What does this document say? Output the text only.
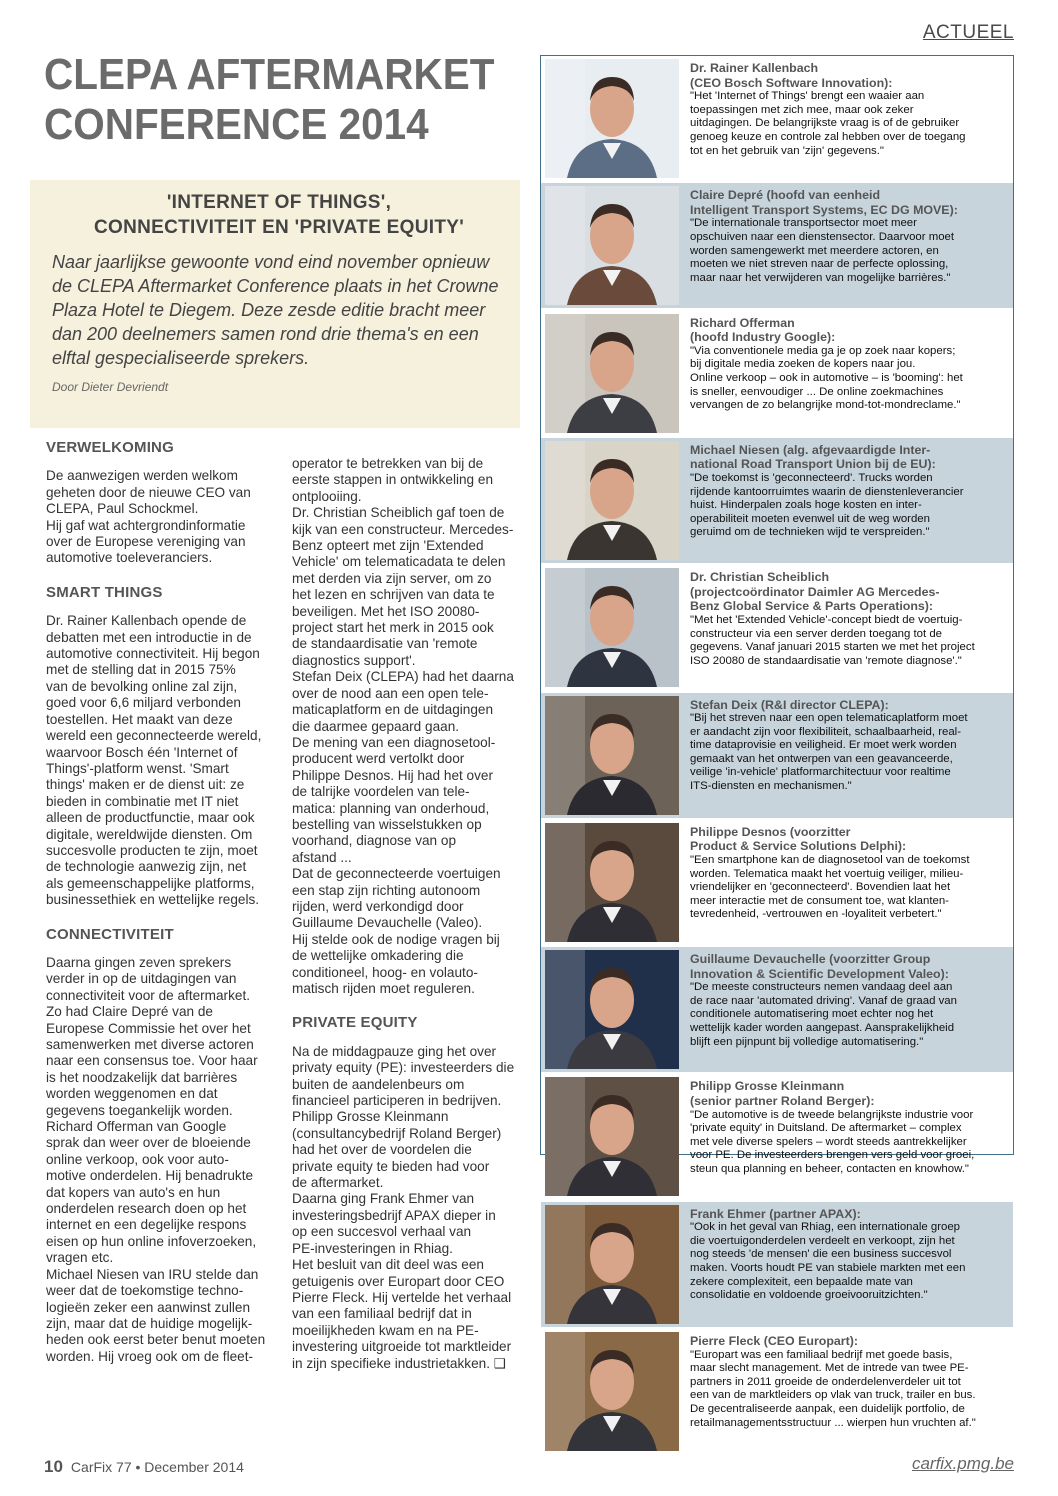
ACTUEEL
CLEPA AFTERMARKET
CONFERENCE 2014
'INTERNET OF THINGS',
CONNECTIVITEIT EN 'PRIVATE EQUITY'
Naar jaarlijkse gewoonte vond eind november opnieuw de CLEPA Aftermarket Conference plaats in het Crowne Plaza Hotel te Diegem. Deze zesde editie bracht meer dan 200 deelnemers samen rond drie thema's en een elftal gespecialiseerde sprekers.
Door Dieter Devriendt
VERWELKOMING

De aanwezigen werden welkom
geheten door de nieuwe CEO van
CLEPA, Paul Schockmel.
Hij gaf wat achtergrondinformatie
over de Europese vereniging van
automotive toeleveranciers.

SMART THINGS

Dr. Rainer Kallenbach opende de
debatten met een introductie in de
automotive connectiviteit. Hij begon
met de stelling dat in 2015 75%
van de bevolking online zal zijn,
goed voor 6,6 miljard verbonden
toestellen. Het maakt van deze
wereld een geconnecteerde wereld,
waarvoor Bosch één 'Internet of
Things'-platform wenst. 'Smart
things' maken er de dienst uit: ze
bieden in combinatie met IT niet
alleen de productfunctie, maar ook
digitale, wereldwijde diensten. Om
succesvolle producten te zijn, moet
de technologie aanwezig zijn, net
als gemeenschappelijke platforms,
businessethiek en wettelijke regels.

CONNECTIVITEIT

Daarna gingen zeven sprekers
verder in op de uitdagingen van
connectiviteit voor de aftermarket.
Zo had Claire Depré van de
Europese Commissie het over het
samenwerken met diverse actoren
naar een consensus toe. Voor haar
is het noodzakelijk dat barrières
worden weggenomen en dat
gegevens toegankelijk worden.
Richard Offerman van Google
sprak dan weer over de bloeiende
online verkoop, ook voor auto-
motive onderdelen. Hij benadrukte
dat kopers van auto's en hun
onderdelen research doen op het
internet en een degelijke respons
eisen op hun online infoverzoeken,
vragen etc.
Michael Niesen van IRU stelde dan
weer dat de toekomstige techno-
logieën zeker een aanwinst zullen
zijn, maar dat de huidige mogelijk-
heden ook eerst beter benut moeten
worden. Hij vroeg ook om de fleet-

operator te betrekken van bij de
eerste stappen in ontwikkeling en
ontplooiing.
Dr. Christian Scheiblich gaf toen de
kijk van een constructeur. Mercedes-
Benz opteert met zijn 'Extended
Vehicle' om telematicadata te delen
met derden via zijn server, om zo
het lezen en schrijven van data te
beveiligen. Met het ISO 20080-
project start het merk in 2015 ook
de standaardisatie van 'remote
diagnostics support'.
Stefan Deix (CLEPA) had het daarna
over de nood aan een open tele-
maticaplatform en de uitdagingen
die daarmee gepaard gaan.
De mening van een diagnosetool-
producent werd vertolkt door
Philippe Desnos. Hij had het over
de talrijke voordelen van tele-
matica: planning van onderhoud,
bestelling van wisselstukken op
voorhand, diagnose van op
afstand ...
Dat de geconnecteerde voertuigen
een stap zijn richting autonoom
rijden, werd verkondigd door
Guillaume Devauchelle (Valeo).
Hij stelde ook de nodige vragen bij
de wettelijke omkadering die
conditioneel, hoog- en volauto-
matisch rijden moet reguleren.

PRIVATE EQUITY

Na de middagpauze ging het over
privaty equity (PE): investeerders die
buiten de aandelenbeurs om
financieel participeren in bedrijven.
Philipp Grosse Kleinmann
(consultancybedrijf Roland Berger)
had het over de voordelen die
private equity te bieden had voor
de aftermarket.
Daarna ging Frank Ehmer van
investeringsbedrijf APAX dieper in
op een succesvol verhaal van
PE-investeringen in Rhiag.
Het besluit van dit deel was een
getuigenis over Europart door CEO
Pierre Fleck. Hij vertelde het verhaal
van een familiaal bedrijf dat in
moeilijkheden kwam en na PE-
investering uitgroeide tot marktleider
in zijn specifieke industrietakken. ❑

Dr. Rainer Kallenbach
(CEO Bosch Software Innovation):
"Het 'Internet of Things' brengt een waaier aan
toepassingen met zich mee, maar ook zeker
uitdagingen. De belangrijkste vraag is of de gebruiker
genoeg keuze en controle zal hebben over de toegang
tot en het gebruik van 'zijn' gegevens."
Claire Depré (hoofd van eenheid
Intelligent Transport Systems, EC DG MOVE):
"De internationale transportsector moet meer
opschuiven naar een dienstensector. Daarvoor moet
worden samengewerkt met meerdere actoren, en
moeten we niet streven naar de perfecte oplossing,
maar naar het verwijderen van mogelijke barrières."
Richard Offerman
(hoofd Industry Google):
"Via conventionele media ga je op zoek naar kopers;
bij digitale media zoeken de kopers naar jou.
Online verkoop – ook in automotive – is 'booming': het
is sneller, eenvoudiger ... De online zoekmachines
vervangen de zo belangrijke mond-tot-mondreclame."
Michael Niesen (alg. afgevaardigde Inter-
national Road Transport Union bij de EU):
"De toekomst is 'geconnecteerd'. Trucks worden
rijdende kantoorruimtes waarin de dienstenleverancier
huist. Hinderpalen zoals hoge kosten en inter-
operabiliteit moeten evenwel uit de weg worden
geruimd om de technieken wijd te verspreiden."
Dr. Christian Scheiblich
(projectcoördinator Daimler AG Mercedes-
Benz Global Service & Parts Operations):
"Met het 'Extended Vehicle'-concept biedt de voertuig-
constructeur via een server derden toegang tot de
gegevens. Vanaf januari 2015 starten we met het project
ISO 20080 de standaardisatie van 'remote diagnose'."
Stefan Deix (R&I director CLEPA):
"Bij het streven naar een open telematicaplatform moet
er aandacht zijn voor flexibiliteit, schaalbaarheid, real-
time dataprovisie en veiligheid. Er moet werk worden
gemaakt van het ontwerpen van een geavanceerde,
veilige 'in-vehicle' platformarchitectuur voor realtime
ITS-diensten en mechanismen."
Philippe Desnos (voorzitter
Product & Service Solutions Delphi):
"Een smartphone kan de diagnosetool van de toekomst
worden. Telematica maakt het voertuig veiliger, milieu-
vriendelijker en 'geconnecteerd'. Bovendien laat het
meer interactie met de consument toe, wat klanten-
tevredenheid, -vertrouwen en -loyaliteit verbetert."
Guillaume Devauchelle (voorzitter Group
Innovation & Scientific Development Valeo):
"De meeste constructeurs nemen vandaag deel aan
de race naar 'automated driving'. Vanaf de graad van
conditionele automatisering moet echter nog het
wettelijk kader worden aangepast. Aansprakelijkheid
blijft een pijnpunt bij volledige automatisering."
Philipp Grosse Kleinmann
(senior partner Roland Berger):
"De automotive is de tweede belangrijkste industrie voor
'private equity' in Duitsland. De aftermarket – complex
met vele diverse spelers – wordt steeds aantrekkelijker
voor PE. De investeerders brengen vers geld voor groei,
steun qua planning en beheer, contacten en knowhow."
Frank Ehmer (partner APAX):
"Ook in het geval van Rhiag, een internationale groep
die voertuigonderdelen verdeelt en verkoopt, zijn het
nog steeds 'de mensen' die een business succesvol
maken. Voorts houdt PE van stabiele markten met een
zekere complexiteit, een bepaalde mate van
consolidatie en voldoende groeivooruitzichten."
Pierre Fleck (CEO Europart):
"Europart was een familiaal bedrijf met goede basis,
maar slecht management. Met de intrede van twee PE-
partners in 2011 groeide de onderdelenverdeler uit tot
een van de marktleiders op vlak van truck, trailer en bus.
De gecentraliseerde aanpak, een duidelijk portfolio, de
retailmanagementsstructuur ... wierpen hun vruchten af."
10 CarFix 77 • December 2014	carfix.pmg.be
